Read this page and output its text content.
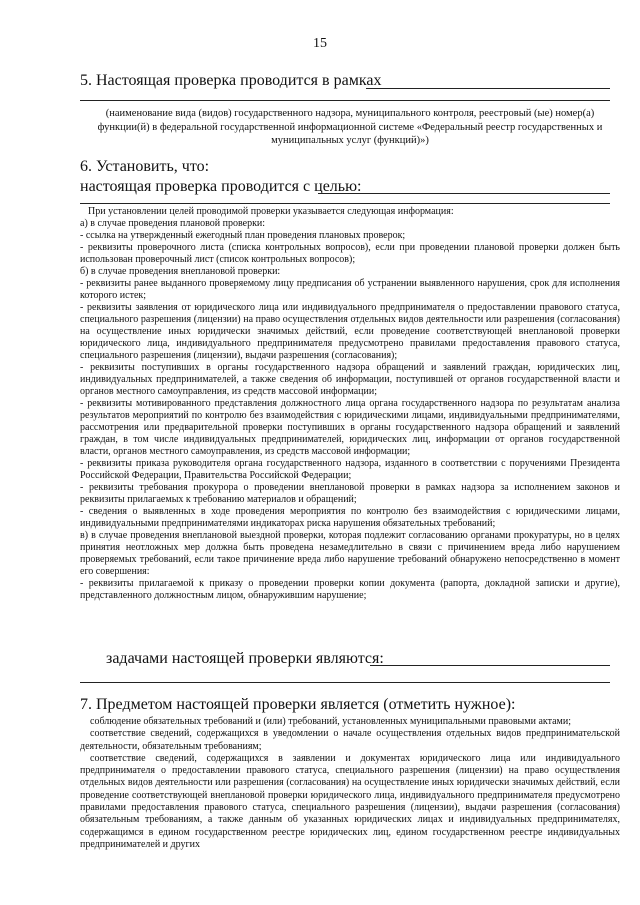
15
5. Настоящая проверка проводится в рамках
(наименование вида (видов) государственного надзора, муниципального контроля, реестровый (ые) номер(а) функции(й) в федеральной государственной информационной системе «Федеральный реестр государственных и муниципальных услуг (функций)»)
6. Установить, что:
настоящая проверка проводится с целью:

При установлении целей проводимой проверки указывается следующая информация:

а) в случае проведения плановой проверки:

- ссылка на утвержденный ежегодный план проведения плановых проверок;

- реквизиты проверочного листа (списка контрольных вопросов), если при проведении плановой проверки должен быть использован проверочный лист (список контрольных вопросов);

б) в случае проведения внеплановой проверки:

- реквизиты ранее выданного проверяемому лицу предписания об устранении выявленного нарушения, срок для исполнения которого истек;

- реквизиты заявления от юридического лица или индивидуального предпринимателя о предоставлении правового статуса, специального разрешения (лицензии) на право осуществления отдельных видов деятельности или разрешения (согласования) на осуществление иных юридически значимых действий, если проведение соответствующей внеплановой проверки юридического лица, индивидуального предпринимателя предусмотрено правилами предоставления правового статуса, специального разрешения (лицензии), выдачи разрешения (согласования);

- реквизиты поступивших в органы государственного надзора обращений и заявлений граждан, юридических лиц, индивидуальных предпринимателей, а также сведения об информации, поступившей от органов государственной власти и органов местного самоуправления, из средств массовой информации;

- реквизиты мотивированного представления должностного лица органа государственного надзора по результатам анализа результатов мероприятий по контролю без взаимодействия с юридическими лицами, индивидуальными предпринимателями, рассмотрения или предварительной проверки поступивших в органы государственного надзора обращений и заявлений граждан, в том числе индивидуальных предпринимателей, юридических лиц, информации от органов государственной власти, органов местного самоуправления, из средств массовой информации;

- реквизиты приказа руководителя органа государственного надзора, изданного в соответствии с поручениями Президента Российской Федерации, Правительства Российской Федерации;

- реквизиты требования прокурора о проведении внеплановой проверки в рамках надзора за исполнением законов и реквизиты прилагаемых к требованию материалов и обращений;

- сведения о выявленных в ходе проведения мероприятия по контролю без взаимодействия с юридическими лицами, индивидуальными предпринимателями индикаторах риска нарушения обязательных требований;

в) в случае проведения внеплановой выездной проверки, которая подлежит согласованию органами прокуратуры, но в целях принятия неотложных мер должна быть проведена незамедлительно в связи с причинением вреда либо нарушением проверяемых требований, если такое причинение вреда либо нарушение требований обнаружено непосредственно в момент его совершения:

- реквизиты прилагаемой к приказу о проведении проверки копии документа (рапорта, докладной записки и другие), представленного должностным лицом, обнаружившим нарушение;

задачами настоящей проверки являются:
7. Предметом настоящей проверки является (отметить нужное):

соблюдение обязательных требований и (или) требований, установленных муниципальными правовыми актами;

соответствие сведений, содержащихся в уведомлении о начале осуществления отдельных видов предпринимательской деятельности, обязательным требованиям;

соответствие сведений, содержащихся в заявлении и документах юридического лица или индивидуального предпринимателя о предоставлении правового статуса, специального разрешения (лицензии) на право осуществления отдельных видов деятельности или разрешения (согласования) на осуществление иных юридически значимых действий, если проведение соответствующей внеплановой проверки юридического лица, индивидуального предпринимателя предусмотрено правилами предоставления правового статуса, специального разрешения (лицензии), выдачи разрешения (согласования) обязательным требованиям, а также данным об указанных юридических лицах и индивидуальных предпринимателях, содержащимся в едином государственном реестре юридических лиц, едином государственном реестре индивидуальных предпринимателей и других
